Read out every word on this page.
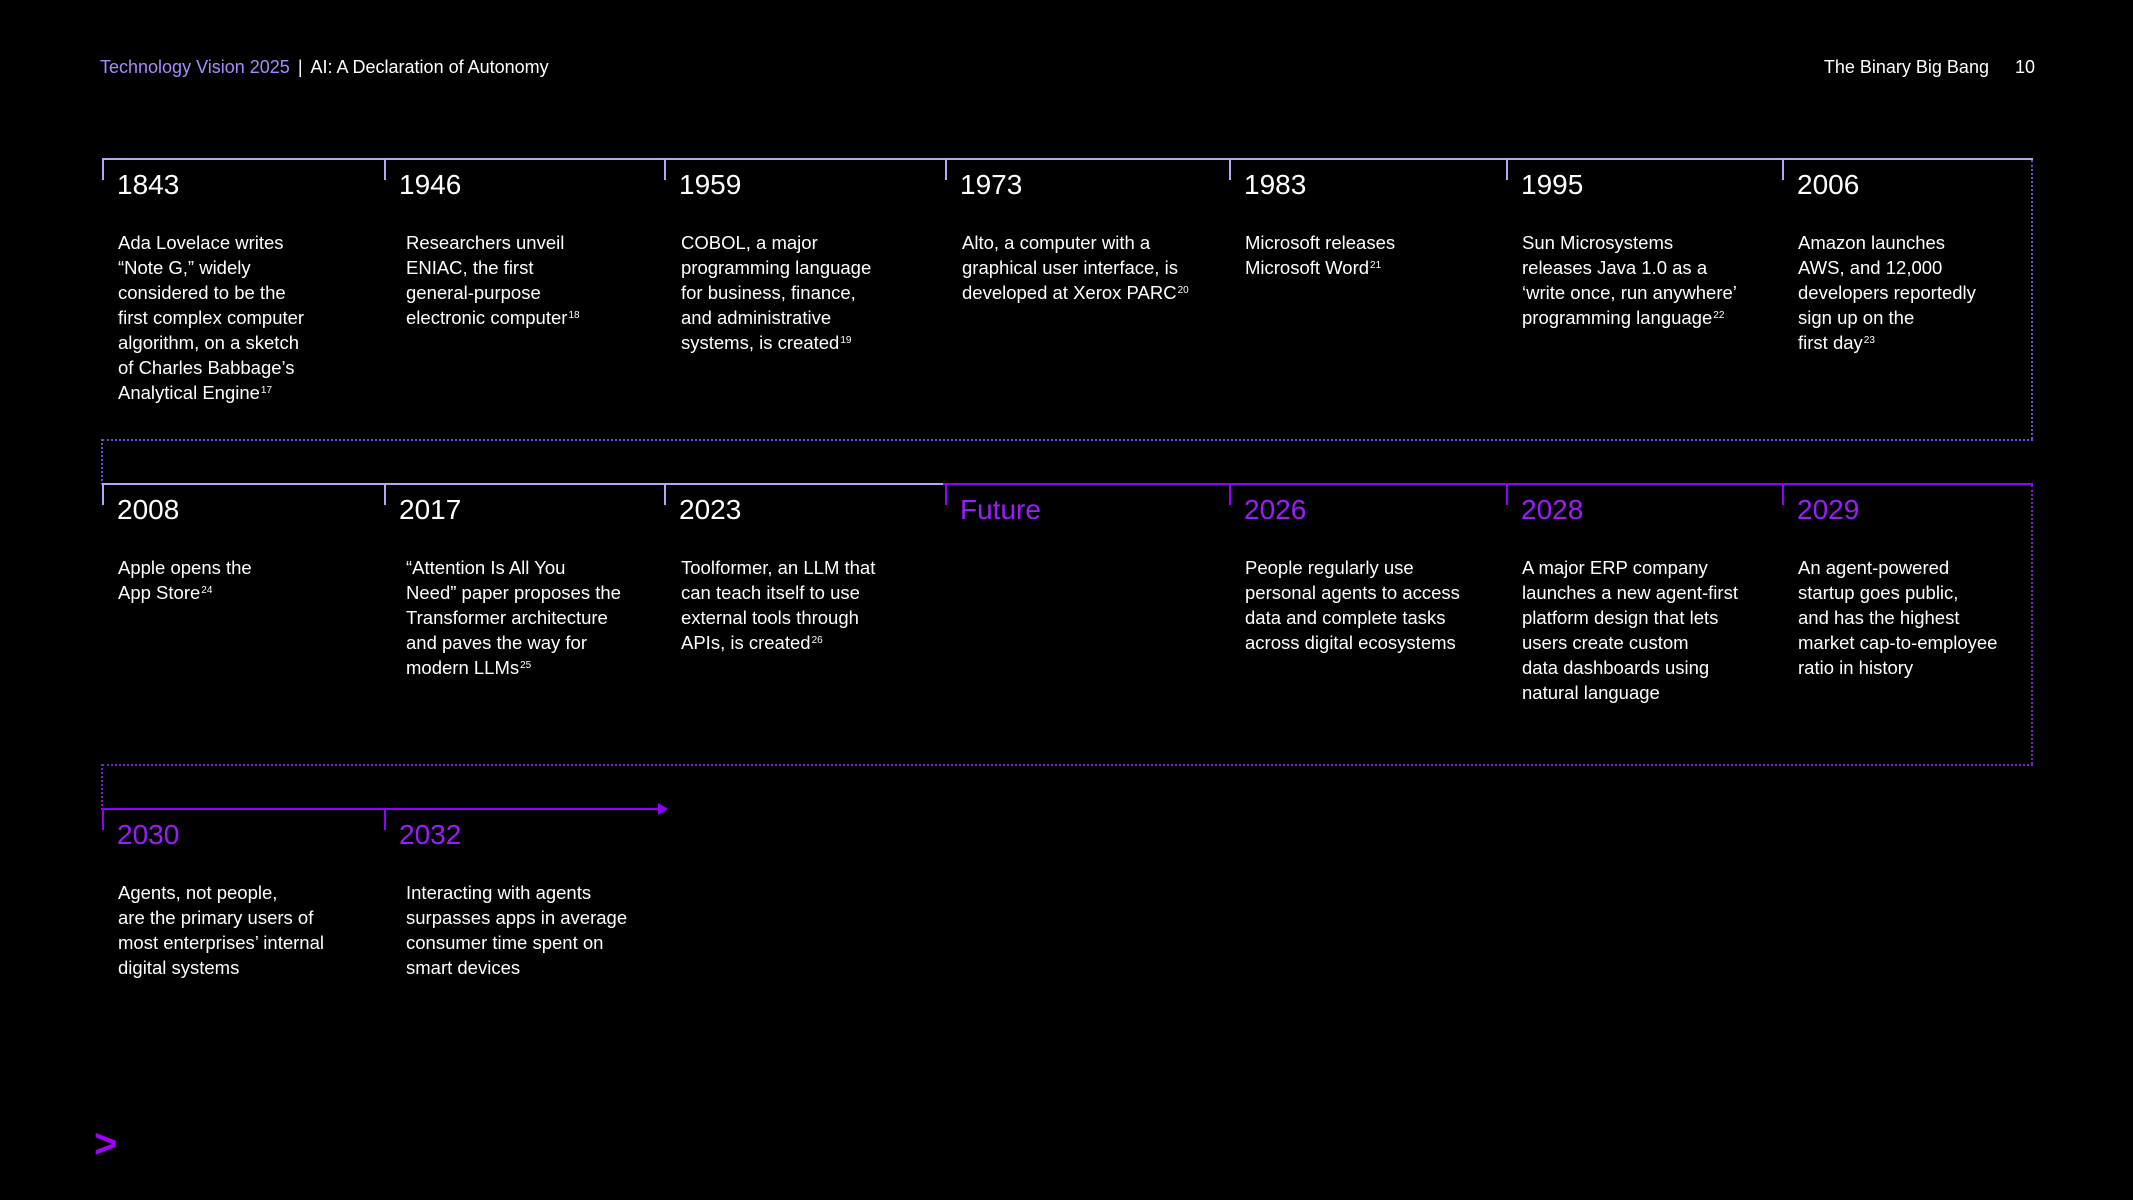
Technology Vision 2025 | AI: A Declaration of Autonomy	The Binary Big Bang 10
1843
Ada Lovelace writes
“Note G,” widely
considered to be the
first complex computer
algorithm, on a sketch
of Charles Babbage’s
Analytical Engine$^{17}$
1946
Researchers unveil
ENIAC, the first
general-purpose
electronic computer$^{18}$
1959
COBOL, a major
programming language
for business, finance,
and administrative
systems, is created$^{19}$
1973
Alto, a computer with a
graphical user interface, is
developed at Xerox PARC$^{20}$
1983
Microsoft releases
Microsoft Word$^{21}$
1995
Sun Microsystems
releases Java 1.0 as a
‘write once, run anywhere’
programming language$^{22}$
2006
Amazon launches
AWS, and 12,000
developers reportedly
sign up on the
first day$^{23}$
2008
Apple opens the
App Store$^{24}$
2017
“Attention Is All You
Need” paper proposes the
Transformer architecture
and paves the way for
modern LLMs$^{25}$
2023
Toolformer, an LLM that
can teach itself to use
external tools through
APIs, is created$^{26}$
Future	2026
People regularly use
personal agents to access
data and complete tasks
across digital ecosystems
2028
A major ERP company
launches a new agent-first
platform design that lets
users create custom
data dashboards using
natural language
2029
An agent-powered
startup goes public,
and has the highest
market cap-to-employee
ratio in history
2030
Agents, not people,
are the primary users of
most enterprises’ internal
digital systems
2032
Interacting with agents
surpasses apps in average
consumer time spent on
smart devices
>
